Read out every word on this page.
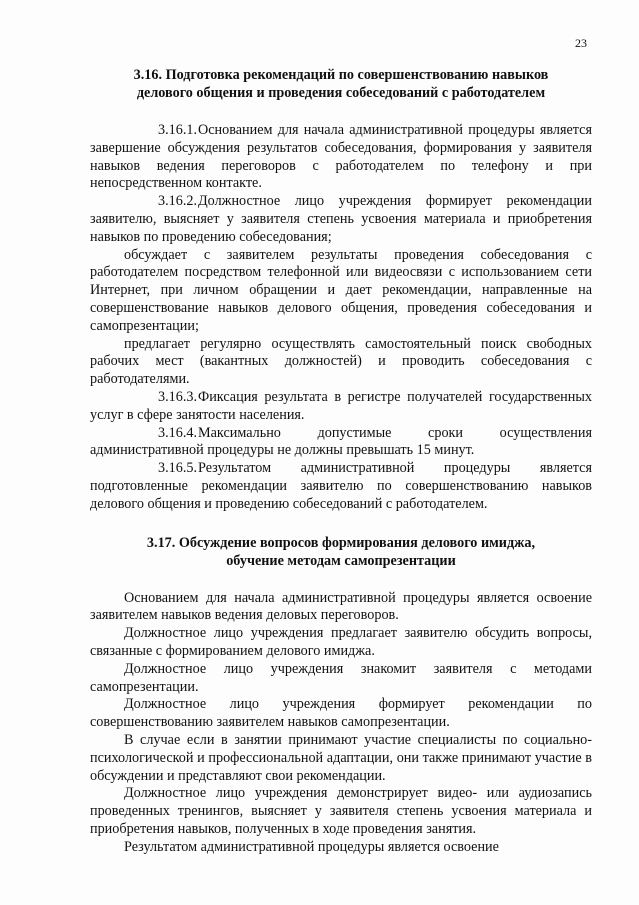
23
3.16. Подготовка рекомендаций по совершенствованию навыков
делового общения и проведения собеседований с работодателем

3.16.1.Основанием для начала административной процедуры является завершение обсуждения результатов собеседования, формирования у заявителя навыков ведения переговоров с работодателем по телефону и при непосредственном контакте.

3.16.2.Должностное лицо учреждения формирует рекомендации заявителю, выясняет у заявителя степень усвоения материала и приобретения навыков по проведению собеседования;

обсуждает с заявителем результаты проведения собеседования с работодателем посредством телефонной или видеосвязи с использованием сети Интернет, при личном обращении и дает рекомендации, направленные на совершенствование навыков делового общения, проведения собеседования и самопрезентации;

предлагает регулярно осуществлять самостоятельный поиск свободных рабочих мест (вакантных должностей) и проводить собеседования с работодателями.

3.16.3.Фиксация результата в регистре получателей государственных услуг в сфере занятости населения.

3.16.4.Максимально допустимые сроки осуществления административной процедуры не должны превышать 15 минут.

3.16.5.Результатом административной процедуры является подготовленные рекомендации заявителю по совершенствованию навыков делового общения и проведению собеседований с работодателем.

3.17. Обсуждение вопросов формирования делового имиджа,
обучение методам самопрезентации

Основанием для начала административной процедуры является освоение заявителем навыков ведения деловых переговоров.

Должностное лицо учреждения предлагает заявителю обсудить вопросы, связанные с формированием делового имиджа.

Должностное лицо учреждения знакомит заявителя с методами самопрезентации.

Должностное лицо учреждения формирует рекомендации по совершенствованию заявителем навыков самопрезентации.

В случае если в занятии принимают участие специалисты по социально-психологической и профессиональной адаптации, они также принимают участие в обсуждении и представляют свои рекомендации.

Должностное лицо учреждения демонстрирует видео- или аудиозапись проведенных тренингов, выясняет у заявителя степень усвоения материала и приобретения навыков, полученных в ходе проведения занятия.

Результатом административной процедуры является освоение
